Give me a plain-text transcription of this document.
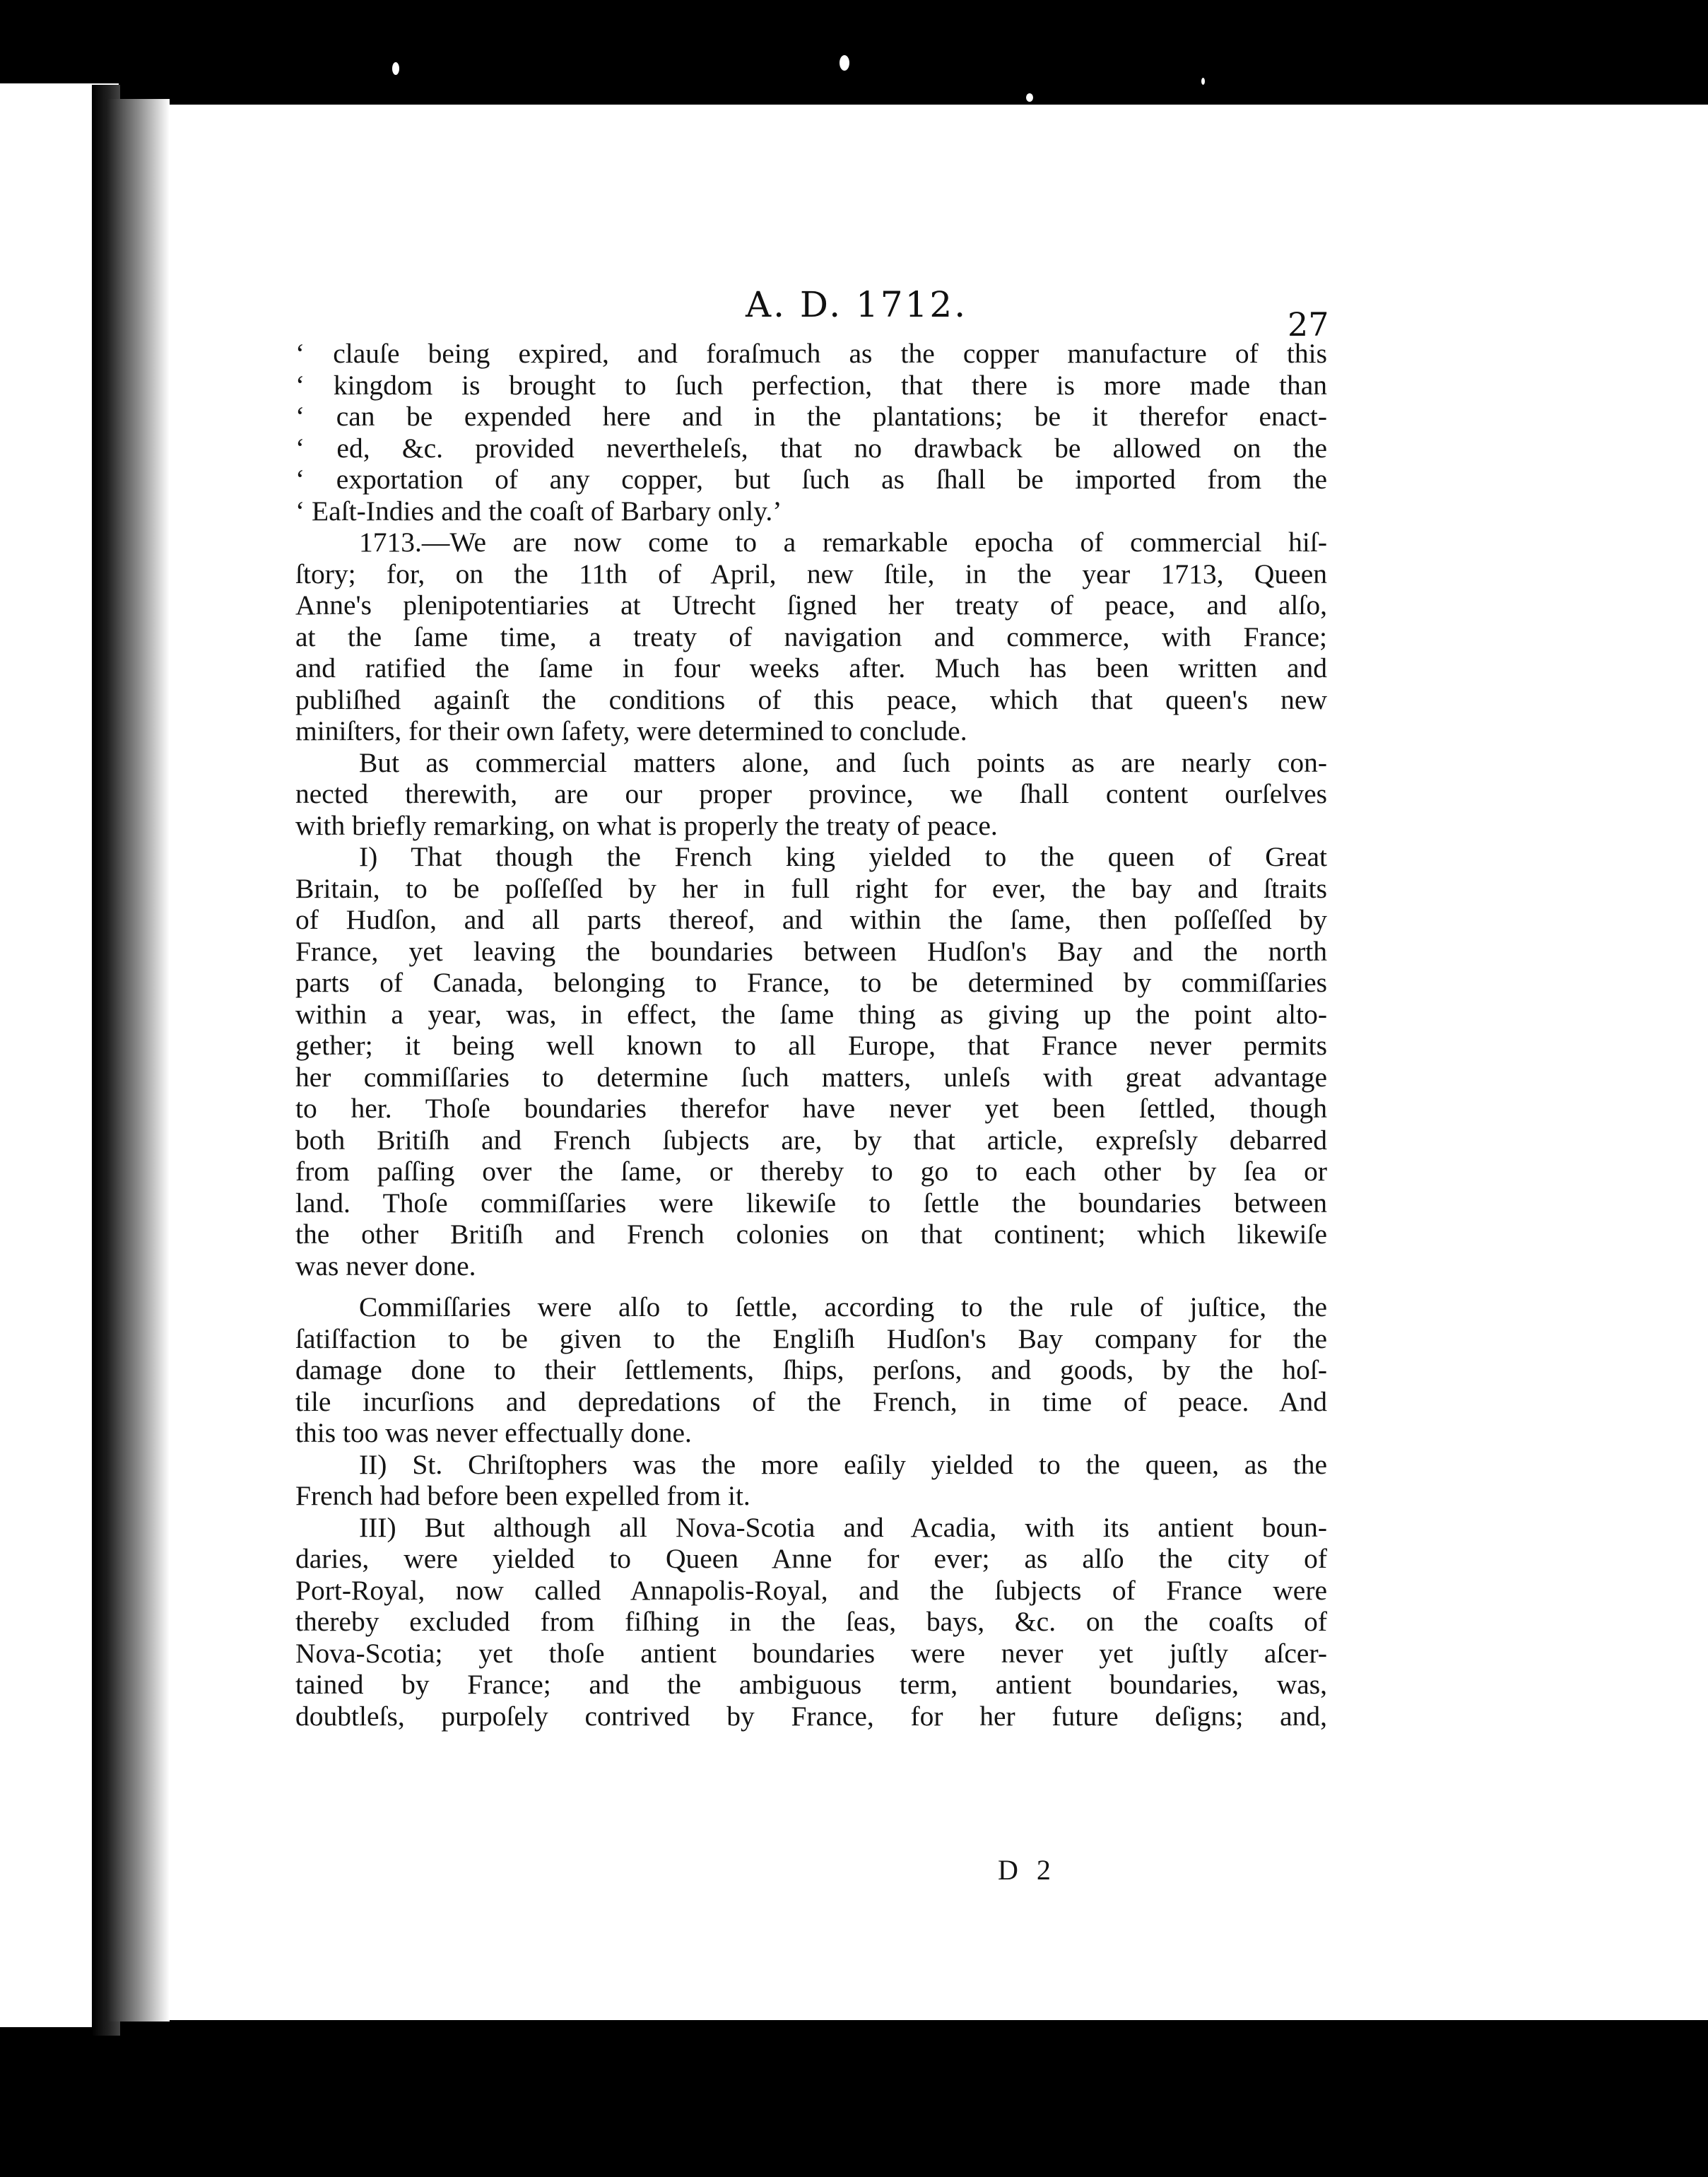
A. D. 1712.	27
‘ clauſe being expired, and foraſmuch as the copper manufacture of this
‘ kingdom is brought to ſuch perfection, that there is more made than
‘ can be expended here and in the plantations; be it therefor enact-
‘ ed, &c. provided nevertheleſs, that no drawback be allowed on the
‘ exportation of any copper, but ſuch as ſhall be imported from the
‘ Eaſt-Indies and the coaſt of Barbary only.’
1713.—We are now come to a remarkable epocha of commercial hiſ-
ſtory; for, on the 11th of April, new ſtile, in the year 1713, Queen
Anne's plenipotentiaries at Utrecht ſigned her treaty of peace, and alſo,
at the ſame time, a treaty of navigation and commerce, with France;
and ratified the ſame in four weeks after. Much has been written and
publiſhed againſt the conditions of this peace, which that queen's new
miniſters, for their own ſafety, were determined to conclude.
But as commercial matters alone, and ſuch points as are nearly con-
nected therewith, are our proper province, we ſhall content ourſelves
with briefly remarking, on what is properly the treaty of peace.
I) That though the French king yielded to the queen of Great
Britain, to be poſſeſſed by her in full right for ever, the bay and ſtraits
of Hudſon, and all parts thereof, and within the ſame, then poſſeſſed by
France, yet leaving the boundaries between Hudſon's Bay and the north
parts of Canada, belonging to France, to be determined by commiſſaries
within a year, was, in effect, the ſame thing as giving up the point alto-
gether; it being well known to all Europe, that France never permits
her commiſſaries to determine ſuch matters, unleſs with great advantage
to her. Thoſe boundaries therefor have never yet been ſettled, though
both Britiſh and French ſubjects are, by that article, expreſsly debarred
from paſſing over the ſame, or thereby to go to each other by ſea or
land. Thoſe commiſſaries were likewiſe to ſettle the boundaries between
the other Britiſh and French colonies on that continent; which likewiſe
was never done.
Commiſſaries were alſo to ſettle, according to the rule of juſtice, the
ſatiſfaction to be given to the Engliſh Hudſon's Bay company for the
damage done to their ſettlements, ſhips, perſons, and goods, by the hoſ-
tile incurſions and depredations of the French, in time of peace. And
this too was never effectually done.
II) St. Chriſtophers was the more eaſily yielded to the queen, as the
French had before been expelled from it.
III) But although all Nova-Scotia and Acadia, with its antient boun-
daries, were yielded to Queen Anne for ever; as alſo the city of
Port-Royal, now called Annapolis-Royal, and the ſubjects of France were
thereby excluded from fiſhing in the ſeas, bays, &c. on the coaſts of
Nova-Scotia; yet thoſe antient boundaries were never yet juſtly aſcer-
tained by France; and the ambiguous term, antient boundaries, was,
doubtleſs, purpoſely contrived by France, for her future deſigns; and,
D 2
